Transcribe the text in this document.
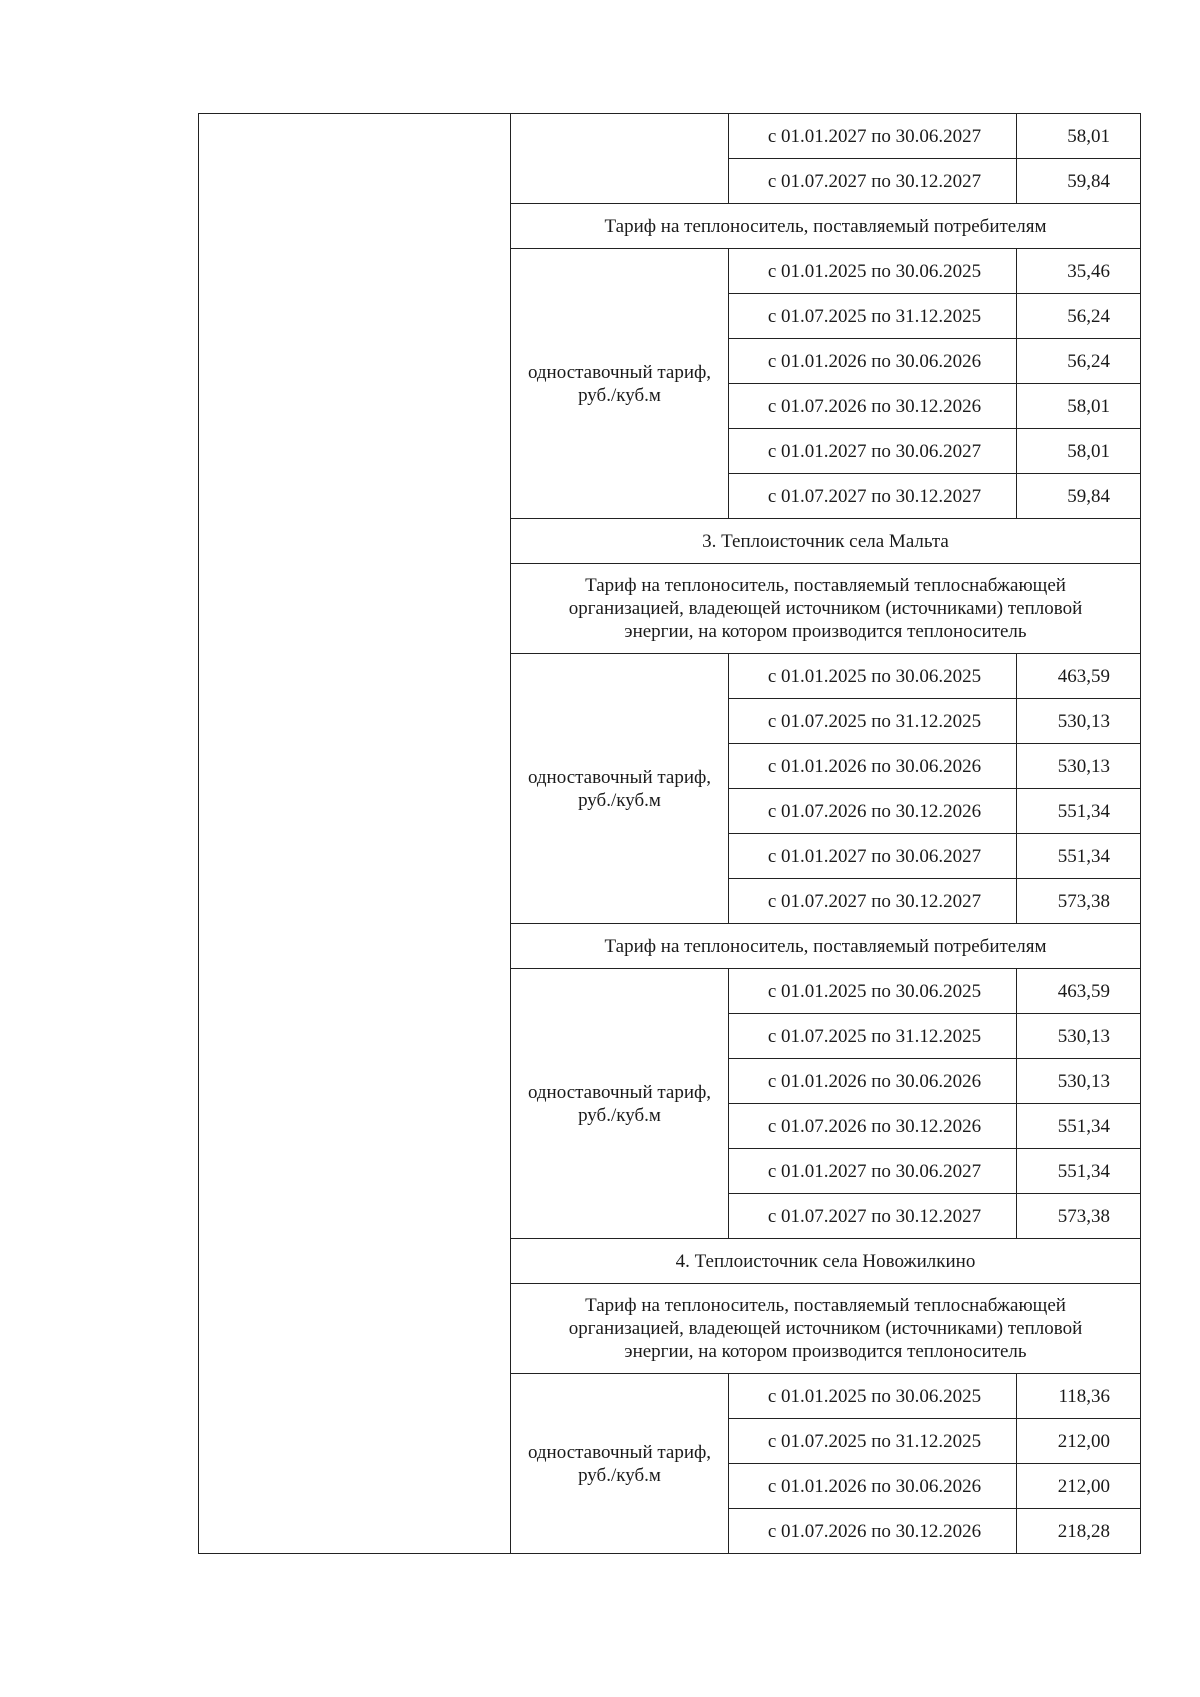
		с 01.01.2027 по 30.06.2027	58,01
		с 01.07.2027 по 30.12.2027	59,84
	Тариф на теплоноситель, поставляемый потребителям		
	одноставочный тариф, руб./куб.м	с 01.01.2025 по 30.06.2025	35,46
		с 01.07.2025 по 31.12.2025	56,24
		с 01.01.2026 по 30.06.2026	56,24
		с 01.07.2026 по 30.12.2026	58,01
		с 01.01.2027 по 30.06.2027	58,01
		с 01.07.2027 по 30.12.2027	59,84
	3. Теплоисточник села Мальта		
	Тариф на теплоноситель, поставляемый теплоснабжающей организацией, владеющей источником (источниками) тепловой энергии, на котором производится теплоноситель		
	одноставочный тариф, руб./куб.м	с 01.01.2025 по 30.06.2025	463,59
		с 01.07.2025 по 31.12.2025	530,13
		с 01.01.2026 по 30.06.2026	530,13
		с 01.07.2026 по 30.12.2026	551,34
		с 01.01.2027 по 30.06.2027	551,34
		с 01.07.2027 по 30.12.2027	573,38
	Тариф на теплоноситель, поставляемый потребителям		
	одноставочный тариф, руб./куб.м	с 01.01.2025 по 30.06.2025	463,59
		с 01.07.2025 по 31.12.2025	530,13
		с 01.01.2026 по 30.06.2026	530,13
		с 01.07.2026 по 30.12.2026	551,34
		с 01.01.2027 по 30.06.2027	551,34
		с 01.07.2027 по 30.12.2027	573,38
	4. Теплоисточник села Новожилкино		
	Тариф на теплоноситель, поставляемый теплоснабжающей организацией, владеющей источником (источниками) тепловой энергии, на котором производится теплоноситель		
	одноставочный тариф, руб./куб.м	с 01.01.2025 по 30.06.2025	118,36
		с 01.07.2025 по 31.12.2025	212,00
		с 01.01.2026 по 30.06.2026	212,00
		с 01.07.2026 по 30.12.2026	218,28
